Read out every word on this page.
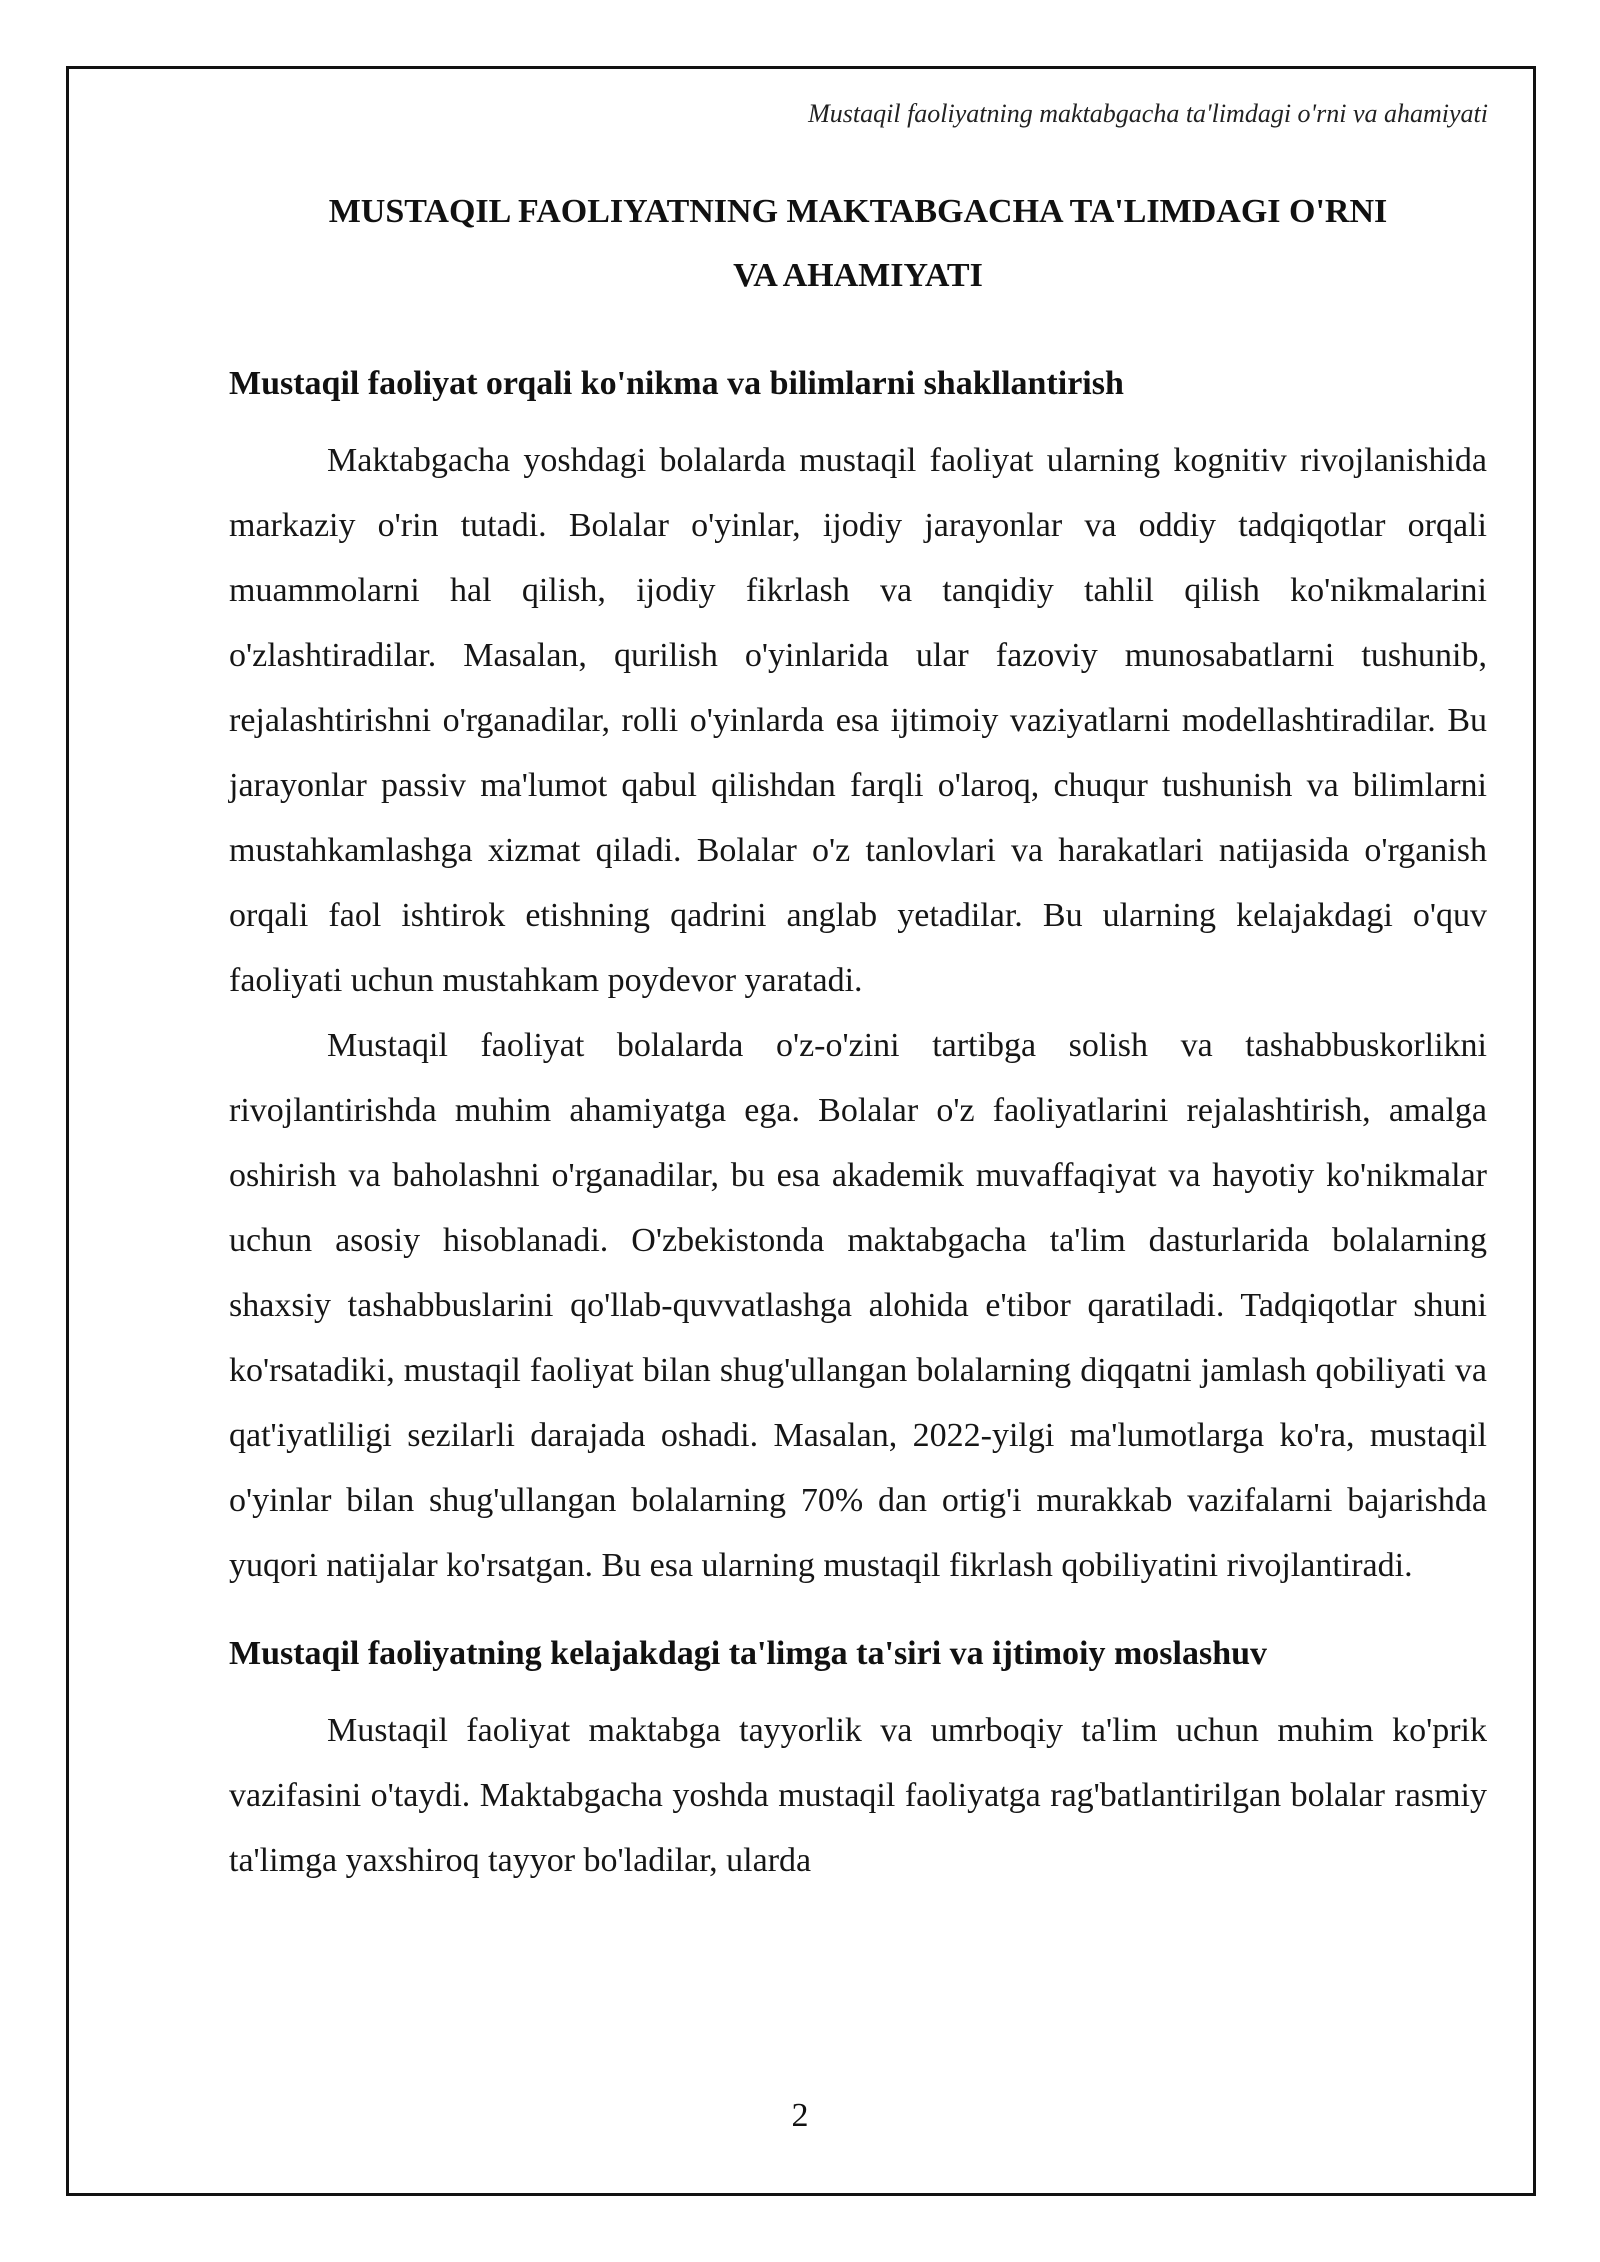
Mustaqil faoliyatning maktabgacha ta'limdagi o'rni va ahamiyati
MUSTAQIL FAOLIYATNING MAKTABGACHA TA'LIMDAGI O'RNI
VA AHAMIYATI
Mustaqil faoliyat orqali ko'nikma va bilimlarni shakllantirish

Maktabgacha yoshdagi bolalarda mustaqil faoliyat ularning kognitiv rivojlanishida markaziy o'rin tutadi. Bolalar o'yinlar, ijodiy jarayonlar va oddiy tadqiqotlar orqali muammolarni hal qilish, ijodiy fikrlash va tanqidiy tahlil qilish ko'nikmalarini o'zlashtiradilar. Masalan, qurilish o'yinlarida ular fazoviy munosabatlarni tushunib, rejalashtirishni o'rganadilar, rolli o'yinlarda esa ijtimoiy vaziyatlarni modellashtiradilar. Bu jarayonlar passiv ma'lumot qabul qilishdan farqli o'laroq, chuqur tushunish va bilimlarni mustahkamlashga xizmat qiladi. Bolalar o'z tanlovlari va harakatlari natijasida o'rganish orqali faol ishtirok etishning qadrini anglab yetadilar. Bu ularning kelajakdagi o'quv faoliyati uchun mustahkam poydevor yaratadi.

Mustaqil faoliyat bolalarda o'z-o'zini tartibga solish va tashabbuskorlikni rivojlantirishda muhim ahamiyatga ega. Bolalar o'z faoliyatlarini rejalashtirish, amalga oshirish va baholashni o'rganadilar, bu esa akademik muvaffaqiyat va hayotiy ko'nikmalar uchun asosiy hisoblanadi. O'zbekistonda maktabgacha ta'lim dasturlarida bolalarning shaxsiy tashabbuslarini qo'llab-quvvatlashga alohida e'tibor qaratiladi. Tadqiqotlar shuni ko'rsatadiki, mustaqil faoliyat bilan shug'ullangan bolalarning diqqatni jamlash qobiliyati va qat'iyatliligi sezilarli darajada oshadi. Masalan, 2022-yilgi ma'lumotlarga ko'ra, mustaqil o'yinlar bilan shug'ullangan bolalarning 70% dan ortig'i murakkab vazifalarni bajarishda yuqori natijalar ko'rsatgan. Bu esa ularning mustaqil fikrlash qobiliyatini rivojlantiradi.

Mustaqil faoliyatning kelajakdagi ta'limga ta'siri va ijtimoiy moslashuv

Mustaqil faoliyat maktabga tayyorlik va umrboqiy ta'lim uchun muhim ko'prik vazifasini o'taydi. Maktabgacha yoshda mustaqil faoliyatga rag'batlantirilgan bolalar rasmiy ta'limga yaxshiroq tayyor bo'ladilar, ularda

2
